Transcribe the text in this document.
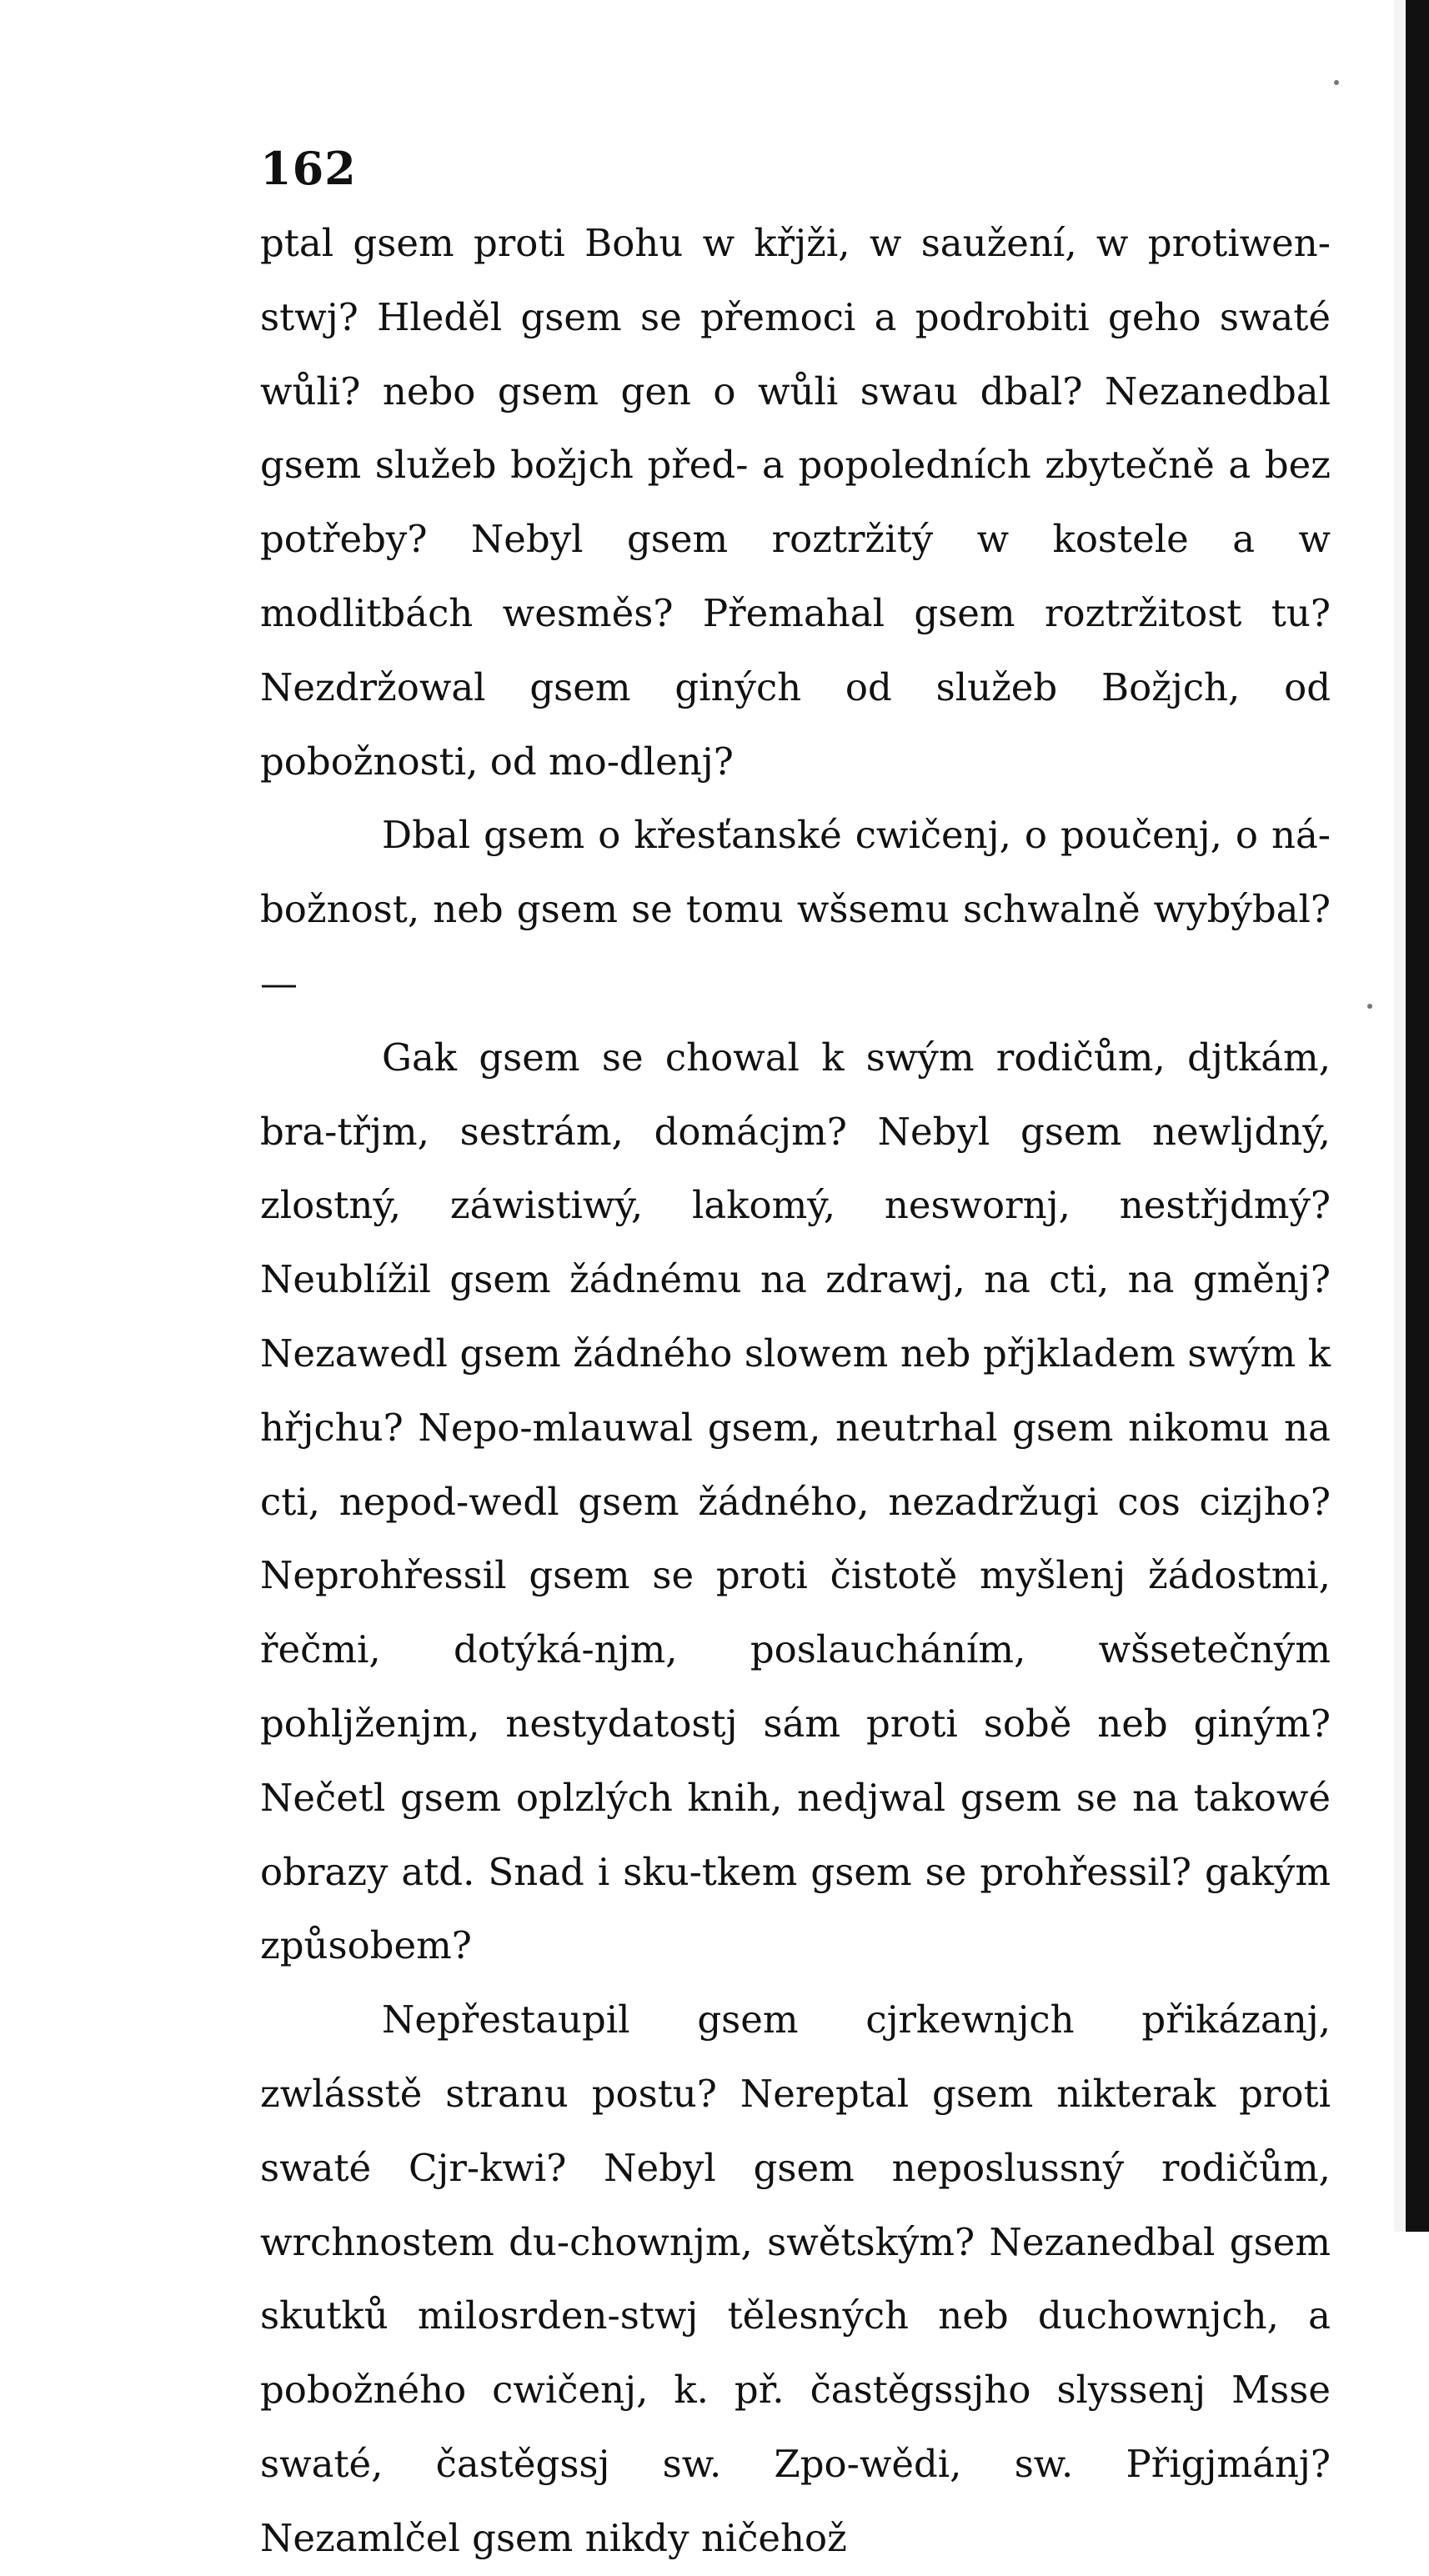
162

ptal gsem proti Bohu w křjži, w saužení, w protiwen-stwj? Hleděl gsem se přemoci a podrobiti geho swaté wůli? nebo gsem gen o wůli swau dbal? Nezanedbal gsem služeb božjch před- a popoledních zbytečně a bez potřeby? Nebyl gsem roztržitý w kostele a w modlitbách wesměs? Přemahal gsem roztržitost tu? Nezdržowal gsem giných od služeb Božjch, od pobožnosti, od mo-dlenj?

Dbal gsem o křesťanské cwičenj, o poučenj, o ná-božnost, neb gsem se tomu wšsemu schwalně wybýbal?—

Gak gsem se chowal k swým rodičům, djtkám, bra-třjm, sestrám, domácjm? Nebyl gsem newljdný, zlostný, záwistiwý, lakomý, neswornj, nestřjdmý? Neublížil gsem žádnému na zdrawj, na cti, na gměnj? Nezawedl gsem žádného slowem neb přjkladem swým k hřjchu? Nepo-mlauwal gsem, neutrhal gsem nikomu na cti, nepod-wedl gsem žádného, nezadržugi cos cizjho? Neprohřessil gsem se proti čistotě myšlenj žádostmi, řečmi, dotýká-njm, poslaucháním, wšsetečným pohljženjm, nestydatostj sám proti sobě neb giným? Nečetl gsem oplzlých knih, nedjwal gsem se na takowé obrazy atd. Snad i sku-tkem gsem se prohřessil? gakým způsobem?

Nepřestaupil gsem cjrkewnjch přikázanj, zwlásstě stranu postu? Nereptal gsem nikterak proti swaté Cjr-kwi? Nebyl gsem neposlussný rodičům, wrchnostem du-chownjm, swětským? Nezanedbal gsem skutků milosrden-stwj tělesných neb duchownjch, a pobožného cwičenj, k. př. častěgssjho slyssenj Msse swaté, častěgssj sw. Zpo-wědi, sw. Přigjmánj? Nezamlčel gsem nikdy ničehož
